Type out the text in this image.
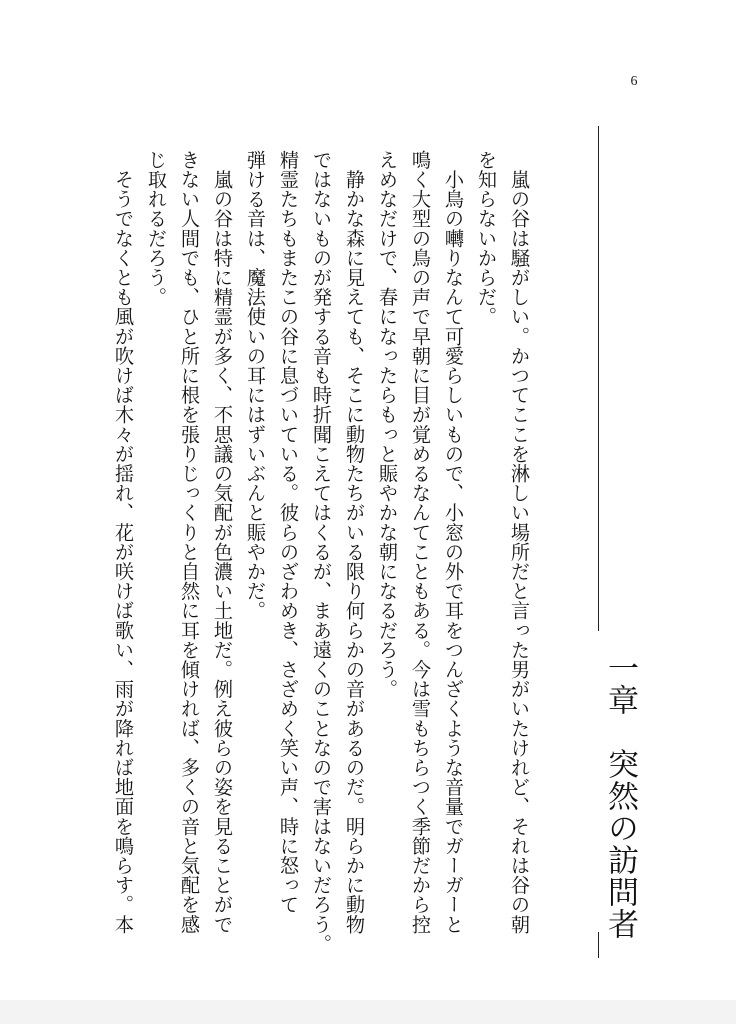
6
一章　突然の訪問者

　嵐の谷は騒がしい。かつてここを淋しい場所だと言った男がいたけれど、それは谷の朝
を知らないからだ。

　小鳥の囀りなんて可愛らしいもので、小窓の外で耳をつんざくような音量でガーガーと
鳴く大型の鳥の声で早朝に目が覚めるなんてこともある。今は雪もちらつく季節だから控
えめなだけで、春になったらもっと賑やかな朝になるだろう。

　静かな森に見えても、そこに動物たちがいる限り何らかの音があるのだ。明らかに動物
ではないものが発する音も時折聞こえてはくるが、まあ遠くのことなので害はないだろう。
精霊たちもまたこの谷に息づいている。彼らのざわめき、さざめく笑い声、時に怒って
弾ける音は、魔法使いの耳にはずいぶんと賑やかだ。

　嵐の谷は特に精霊が多く、不思議の気配が色濃い土地だ。例え彼らの姿を見ることがで
きない人間でも、ひと所に根を張りじっくりと自然に耳を傾ければ、多くの音と気配を感
じ取れるだろう。

　そうでなくとも風が吹けば木々が揺れ、花が咲けば歌い、雨が降れば地面を鳴らす。本
